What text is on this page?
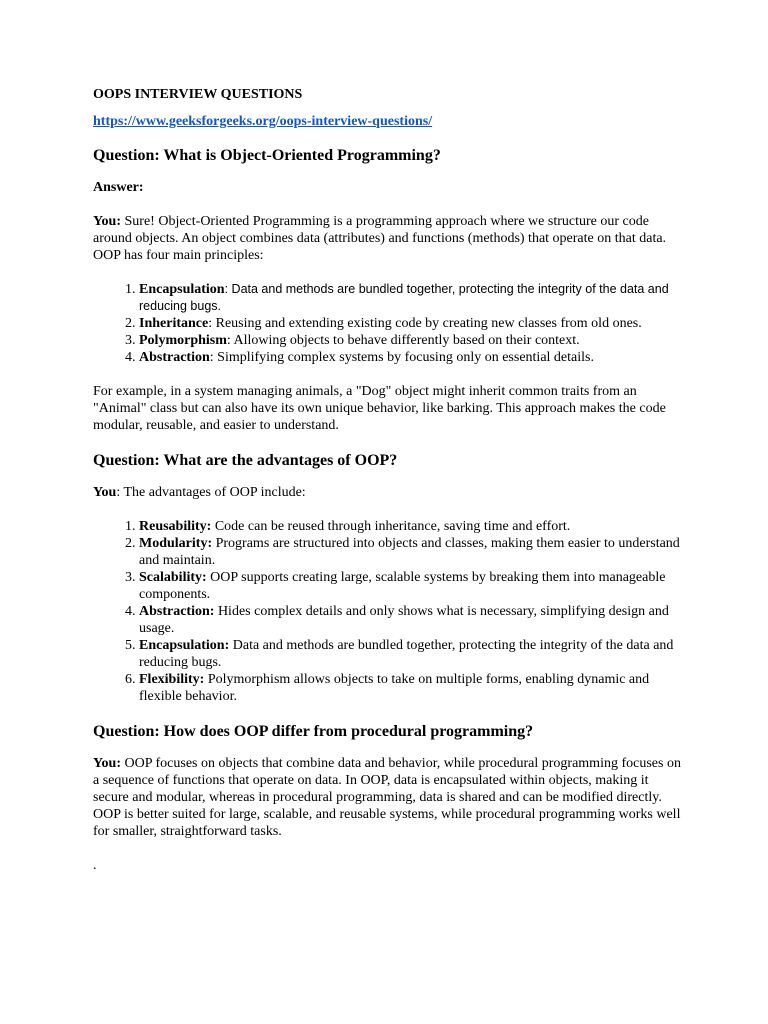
OOPS INTERVIEW QUESTIONS
https://www.geeksforgeeks.org/oops-interview-questions/
Question: What is Object-Oriented Programming?
Answer:

You: Sure! Object-Oriented Programming is a programming approach where we structure our code around objects. An object combines data (attributes) and functions (methods) that operate on that data. OOP has four main principles:

1. Encapsulation: Data and methods are bundled together, protecting the integrity of the data and reducing bugs.
2. Inheritance: Reusing and extending existing code by creating new classes from old ones.
3. Polymorphism: Allowing objects to behave differently based on their context.
4. Abstraction: Simplifying complex systems by focusing only on essential details.

For example, in a system managing animals, a "Dog" object might inherit common traits from an "Animal" class but can also have its own unique behavior, like barking. This approach makes the code modular, reusable, and easier to understand.

Question: What are the advantages of OOP?

You: The advantages of OOP include:

1. Reusability: Code can be reused through inheritance, saving time and effort.
2. Modularity: Programs are structured into objects and classes, making them easier to understand and maintain.
3. Scalability: OOP supports creating large, scalable systems by breaking them into manageable components.
4. Abstraction: Hides complex details and only shows what is necessary, simplifying design and usage.
5. Encapsulation: Data and methods are bundled together, protecting the integrity of the data and reducing bugs.
6. Flexibility: Polymorphism allows objects to take on multiple forms, enabling dynamic and flexible behavior.
Question: How does OOP differ from procedural programming?

You: OOP focuses on objects that combine data and behavior, while procedural programming focuses on a sequence of functions that operate on data. In OOP, data is encapsulated within objects, making it secure and modular, whereas in procedural programming, data is shared and can be modified directly. OOP is better suited for large, scalable, and reusable systems, while procedural programming works well for smaller, straightforward tasks.

.
